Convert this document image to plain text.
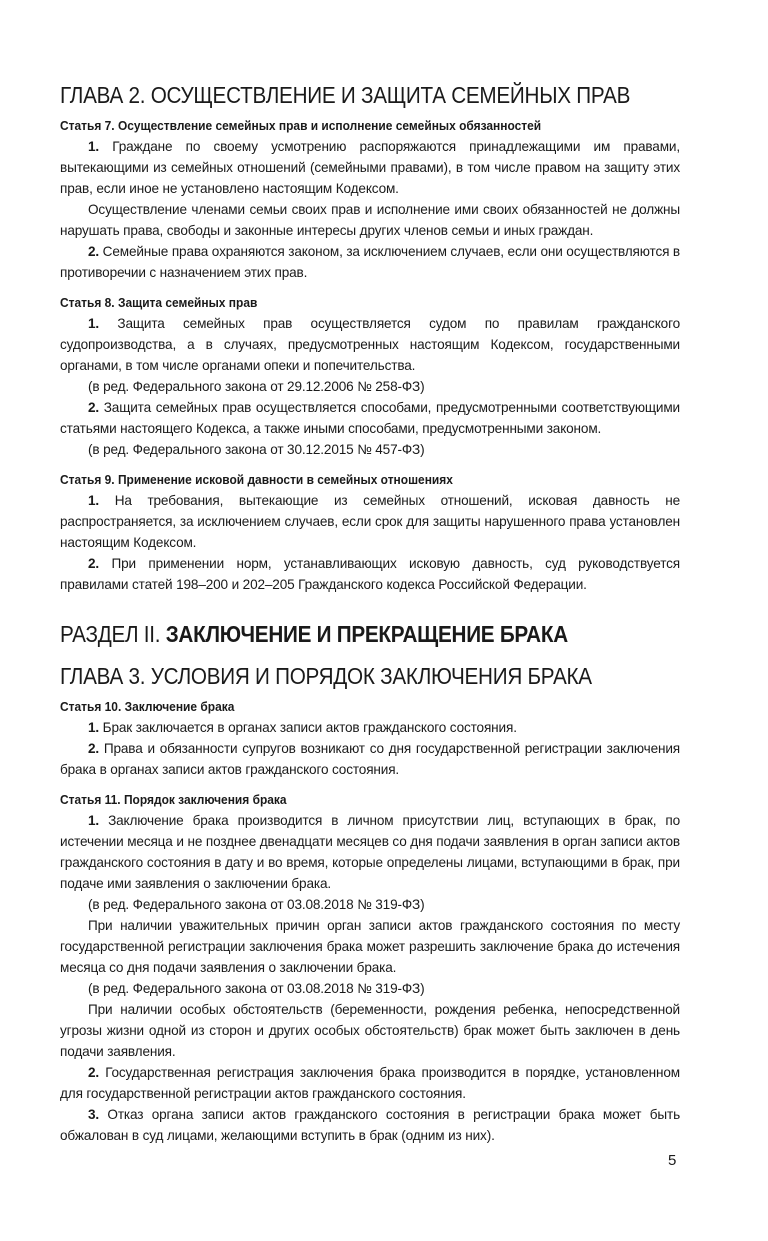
ГЛАВА 2. ОСУЩЕСТВЛЕНИЕ И ЗАЩИТА СЕМЕЙНЫХ ПРАВ
Статья 7. Осуществление семейных прав и исполнение семейных обязанностей

1. Граждане по своему усмотрению распоряжаются принадлежащими им правами, вытекающими из семейных отношений (семейными правами), в том числе правом на защиту этих прав, если иное не установлено настоящим Кодексом.

Осуществление членами семьи своих прав и исполнение ими своих обязанностей не должны нарушать права, свободы и законные интересы других членов семьи и иных граждан.

2. Семейные права охраняются законом, за исключением случаев, если они осуществляются в противоречии с назначением этих прав.

Статья 8. Защита семейных прав

1. Защита семейных прав осуществляется судом по правилам гражданского судопроизводства, а в случаях, предусмотренных настоящим Кодексом, государственными органами, в том числе органами опеки и попечительства.

(в ред. Федерального закона от 29.12.2006 № 258-ФЗ)

2. Защита семейных прав осуществляется способами, предусмотренными соответствующими статьями настоящего Кодекса, а также иными способами, предусмотренными законом.

(в ред. Федерального закона от 30.12.2015 № 457-ФЗ)

Статья 9. Применение исковой давности в семейных отношениях

1. На требования, вытекающие из семейных отношений, исковая давность не распространяется, за исключением случаев, если срок для защиты нарушенного права установлен настоящим Кодексом.

2. При применении норм, устанавливающих исковую давность, суд руководствуется правилами статей 198–200 и 202–205 Гражданского кодекса Российской Федерации.

РАЗДЕЛ II. ЗАКЛЮЧЕНИЕ И ПРЕКРАЩЕНИЕ БРАКА
ГЛАВА 3. УСЛОВИЯ И ПОРЯДОК ЗАКЛЮЧЕНИЯ БРАКА
Статья 10. Заключение брака

1. Брак заключается в органах записи актов гражданского состояния.

2. Права и обязанности супругов возникают со дня государственной регистрации заключения брака в органах записи актов гражданского состояния.

Статья 11. Порядок заключения брака

1. Заключение брака производится в личном присутствии лиц, вступающих в брак, по истечении месяца и не позднее двенадцати месяцев со дня подачи заявления в орган записи актов гражданского состояния в дату и во время, которые определены лицами, вступающими в брак, при подаче ими заявления о заключении брака.

(в ред. Федерального закона от 03.08.2018 № 319-ФЗ)

При наличии уважительных причин орган записи актов гражданского состояния по месту государственной регистрации заключения брака может разрешить заключение брака до истечения месяца со дня подачи заявления о заключении брака.

(в ред. Федерального закона от 03.08.2018 № 319-ФЗ)

При наличии особых обстоятельств (беременности, рождения ребенка, непосредственной угрозы жизни одной из сторон и других особых обстоятельств) брак может быть заключен в день подачи заявления.

2. Государственная регистрация заключения брака производится в порядке, установленном для государственной регистрации актов гражданского состояния.

3. Отказ органа записи актов гражданского состояния в регистрации брака может быть обжалован в суд лицами, желающими вступить в брак (одним из них).

5
